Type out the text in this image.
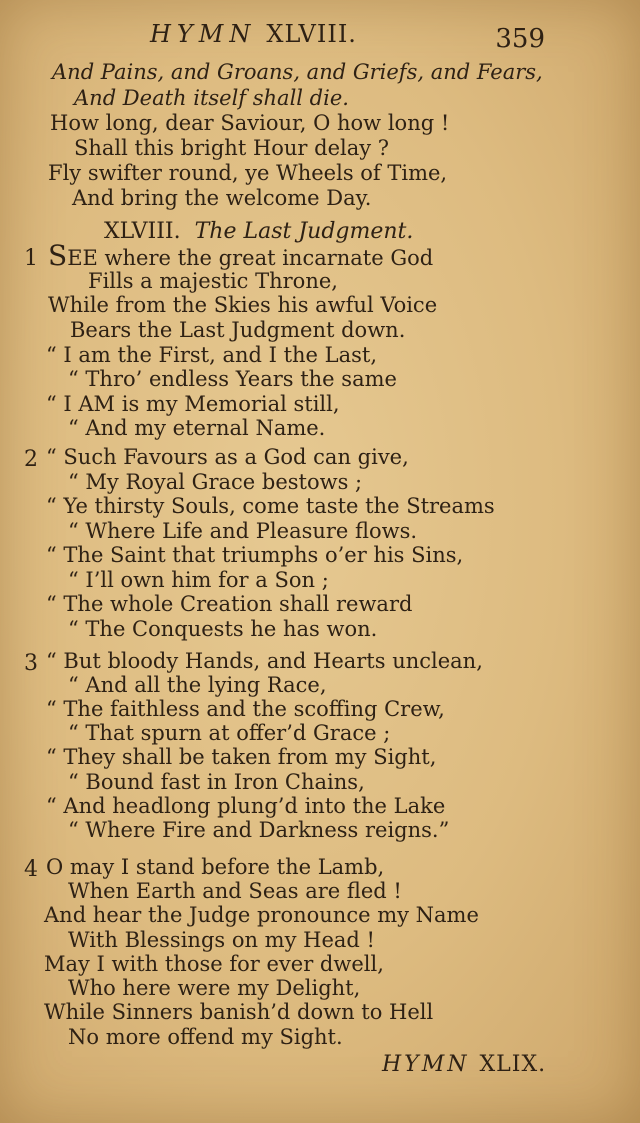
HYMN XLVIII.	359
And Pains, and Groans, and Griefs, and Fears,
And Death itself shall die.
How long, dear Saviour, O how long !
Shall this bright Hour delay ?
Fly swifter round, ye Wheels of Time,
And bring the welcome Day.
XLVIII. The Last Judgment.
1 SEE where the great incarnate God
Fills a majestic Throne,
While from the Skies his awful Voice
Bears the Last Judgment down.
“ I am the First, and I the Last,
“ Thro’ endless Years the same
“ I AM is my Memorial still,
“ And my eternal Name.
2 “ Such Favours as a God can give,
“ My Royal Grace bestows ;
“ Ye thirsty Souls, come taste the Streams
“ Where Life and Pleasure flows.
“ The Saint that triumphs o’er his Sins,
“ I’ll own him for a Son ;
“ The whole Creation shall reward
“ The Conquests he has won.
3 “ But bloody Hands, and Hearts unclean,
“ And all the lying Race,
“ The faithless and the scoffing Crew,
“ That spurn at offer’d Grace ;
“ They shall be taken from my Sight,
“ Bound fast in Iron Chains,
“ And headlong plung’d into the Lake
“ Where Fire and Darkness reigns.”
4 O may I stand before the Lamb,
When Earth and Seas are fled !
And hear the Judge pronounce my Name
With Blessings on my Head !
May I with those for ever dwell,
Who here were my Delight,
While Sinners banish’d down to Hell
No more offend my Sight.
HYMN XLIX.
